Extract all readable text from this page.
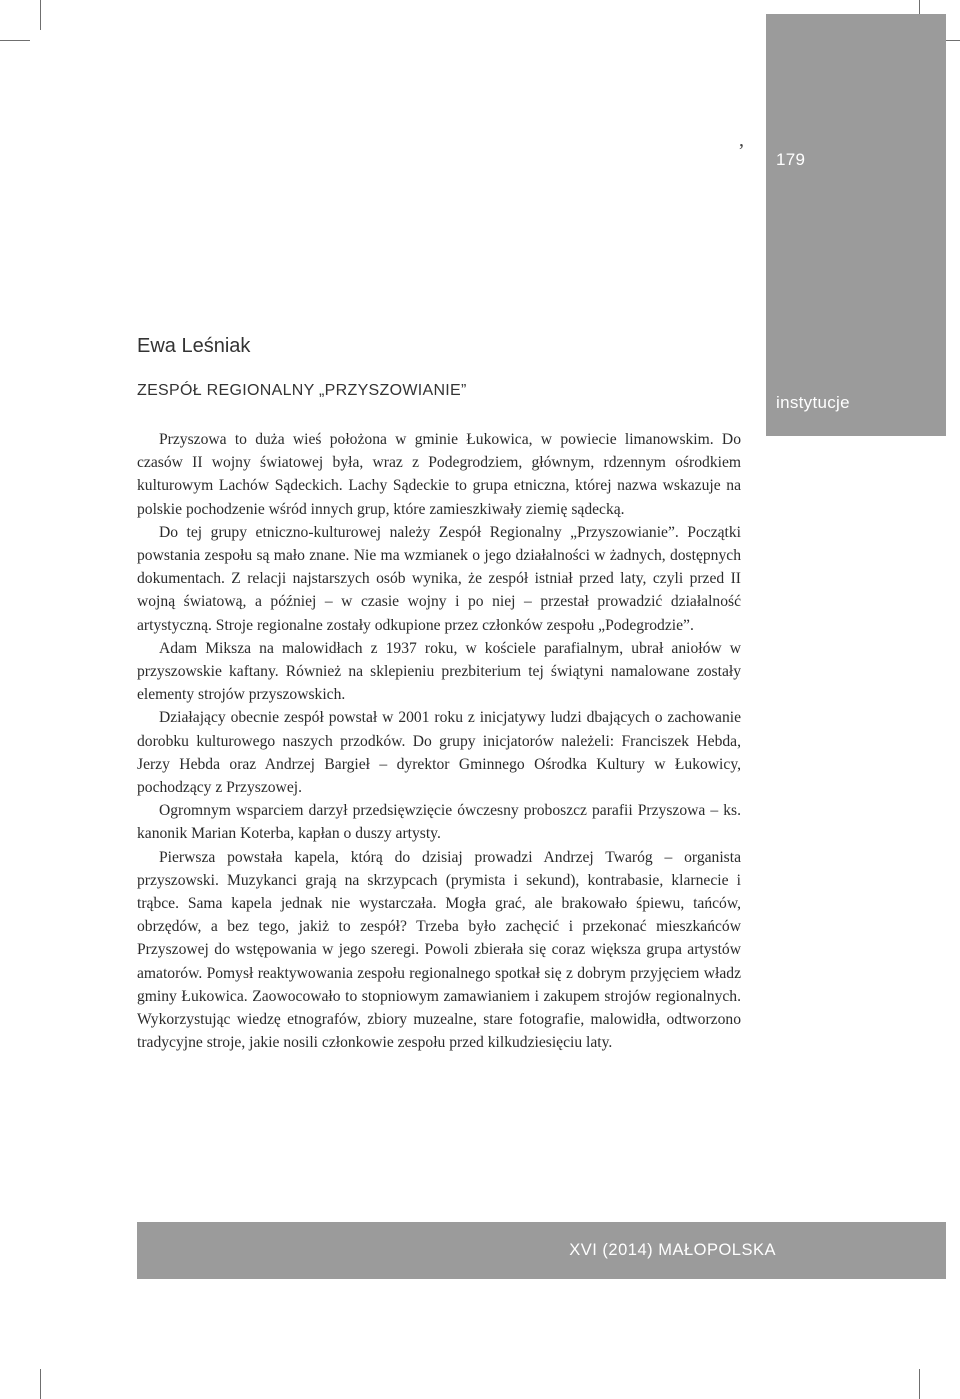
179
instytucje
’
Ewa Leśniak
ZESPÓŁ REGIONALNY „PRZYSZOWIANIE”

Przyszowa to duża wieś położona w gminie Łukowica, w powiecie limanowskim. Do czasów II wojny światowej była, wraz z Podegrodziem, głównym, rdzennym ośrodkiem kulturowym Lachów Sądeckich. Lachy Sądeckie to grupa etniczna, której nazwa wskazuje na polskie pochodzenie wśród innych grup, które zamieszkiwały ziemię sądecką.

Do tej grupy etniczno-kulturowej należy Zespół Regionalny „Przyszowianie”. Początki powstania zespołu są mało znane. Nie ma wzmianek o jego działalności w żadnych, dostępnych dokumentach. Z relacji najstarszych osób wynika, że zespół istniał przed laty, czyli przed II wojną światową, a później – w czasie wojny i po niej – przestał prowadzić działalność artystyczną. Stroje regionalne zostały odkupione przez członków zespołu „Podegrodzie”.

Adam Miksza na malowidłach z 1937 roku, w kościele parafialnym, ubrał aniołów w przyszowskie kaftany. Również na sklepieniu prezbiterium tej świątyni namalowane zostały elementy strojów przyszowskich.

Działający obecnie zespół powstał w 2001 roku z inicjatywy ludzi dbających o zachowanie dorobku kulturowego naszych przodków. Do grupy inicjatorów należeli: Franciszek Hebda, Jerzy Hebda oraz Andrzej Bargieł – dyrektor Gminnego Ośrodka Kultury w Łukowicy, pochodzący z Przyszowej.

Ogromnym wsparciem darzył przedsięwzięcie ówczesny proboszcz parafii Przyszowa – ks. kanonik Marian Koterba, kapłan o duszy artysty.

Pierwsza powstała kapela, którą do dzisiaj prowadzi Andrzej Twaróg – organista przyszowski. Muzykanci grają na skrzypcach (prymista i sekund), kontrabasie, klarnecie i trąbce. Sama kapela jednak nie wystarczała. Mogła grać, ale brakowało śpiewu, tańców, obrzędów, a bez tego, jakiż to zespół? Trzeba było zachęcić i przekonać mieszkańców Przyszowej do wstępowania w jego szeregi. Powoli zbierała się coraz większa grupa artystów amatorów. Pomysł reaktywowania zespołu regionalnego spotkał się z dobrym przyjęciem władz gminy Łukowica. Zaowocowało to stopniowym zamawianiem i zakupem strojów regionalnych. Wykorzystując wiedzę etnografów, zbiory muzealne, stare fotografie, malowidła, odtworzono tradycyjne stroje, jakie nosili członkowie zespołu przed kilkudziesięciu laty.

XVI (2014) MAŁOPOLSKA
